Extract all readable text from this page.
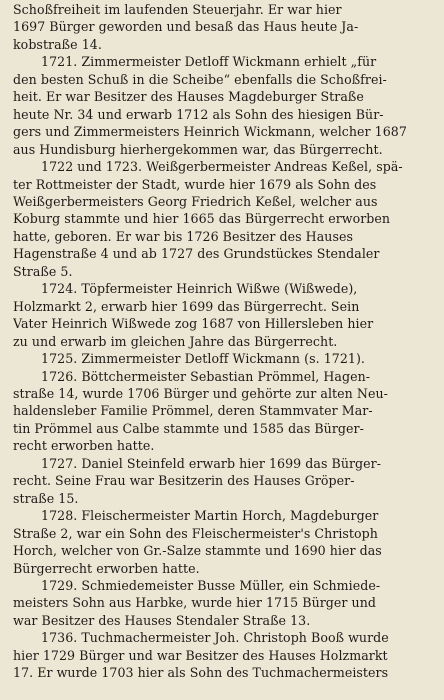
Schoßfreiheit im laufenden Steuerjahr. Er war hier
1697 Bürger geworden und besaß das Haus heute Ja-
kobstraße 14.
1721. Zimmermeister Detloff Wickmann erhielt „für
den besten Schuß in die Scheibe“ ebenfalls die Schoßfrei-
heit. Er war Besitzer des Hauses Magdeburger Straße
heute Nr. 34 und erwarb 1712 als Sohn des hiesigen Bür-
gers und Zimmermeisters Heinrich Wickmann, welcher 1687
aus Hundisburg hierhergekommen war, das Bürgerrecht.
1722 und 1723. Weißgerbermeister Andreas Keßel, spä-
ter Rottmeister der Stadt, wurde hier 1679 als Sohn des
Weißgerbermeisters Georg Friedrich Keßel, welcher aus
Koburg stammte und hier 1665 das Bürgerrecht erworben
hatte, geboren. Er war bis 1726 Besitzer des Hauses
Hagenstraße 4 und ab 1727 des Grundstückes Stendaler
Straße 5.
1724. Töpfermeister Heinrich Wißwe (Wißwede),
Holzmarkt 2, erwarb hier 1699 das Bürgerrecht. Sein
Vater Heinrich Wißwede zog 1687 von Hillersleben hier
zu und erwarb im gleichen Jahre das Bürgerrecht.
1725. Zimmermeister Detloff Wickmann (s. 1721).
1726. Böttchermeister Sebastian Prömmel, Hagen-
straße 14, wurde 1706 Bürger und gehörte zur alten Neu-
haldensleber Familie Prömmel, deren Stammvater Mar-
tin Prömmel aus Calbe stammte und 1585 das Bürger-
recht erworben hatte.
1727. Daniel Steinfeld erwarb hier 1699 das Bürger-
recht. Seine Frau war Besitzerin des Hauses Gröper-
straße 15.
1728. Fleischermeister Martin Horch, Magdeburger
Straße 2, war ein Sohn des Fleischermeister's Christoph
Horch, welcher von Gr.-Salze stammte und 1690 hier das
Bürgerrecht erworben hatte.
1729. Schmiedemeister Busse Müller, ein Schmiede-
meisters Sohn aus Harbke, wurde hier 1715 Bürger und
war Besitzer des Hauses Stendaler Straße 13.
1736. Tuchmachermeister Joh. Christoph Booß wurde
hier 1729 Bürger und war Besitzer des Hauses Holzmarkt
17. Er wurde 1703 hier als Sohn des Tuchmachermeisters
